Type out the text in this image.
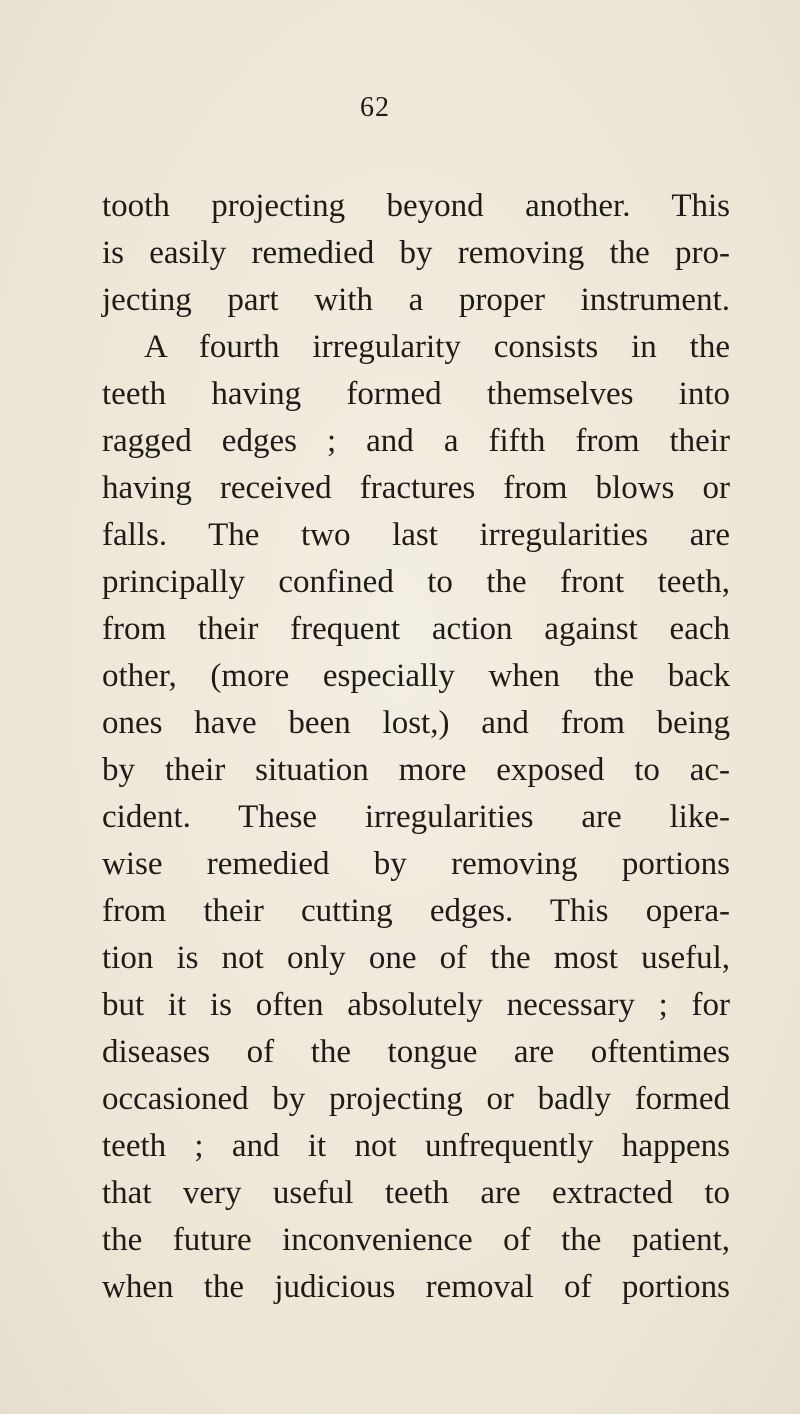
62
tooth projecting beyond another. This
is easily remedied by removing the pro-
jecting part with a proper instrument.
A fourth irregularity consists in the
teeth having formed themselves into
ragged edges ; and a fifth from their
having received fractures from blows or
falls. The two last irregularities are
principally confined to the front teeth,
from their frequent action against each
other, (more especially when the back
ones have been lost,) and from being
by their situation more exposed to ac-
cident. These irregularities are like-
wise remedied by removing portions
from their cutting edges. This opera-
tion is not only one of the most useful,
but it is often absolutely necessary ; for
diseases of the tongue are oftentimes
occasioned by projecting or badly formed
teeth ; and it not unfrequently happens
that very useful teeth are extracted to
the future inconvenience of the patient,
when the judicious removal of portions
